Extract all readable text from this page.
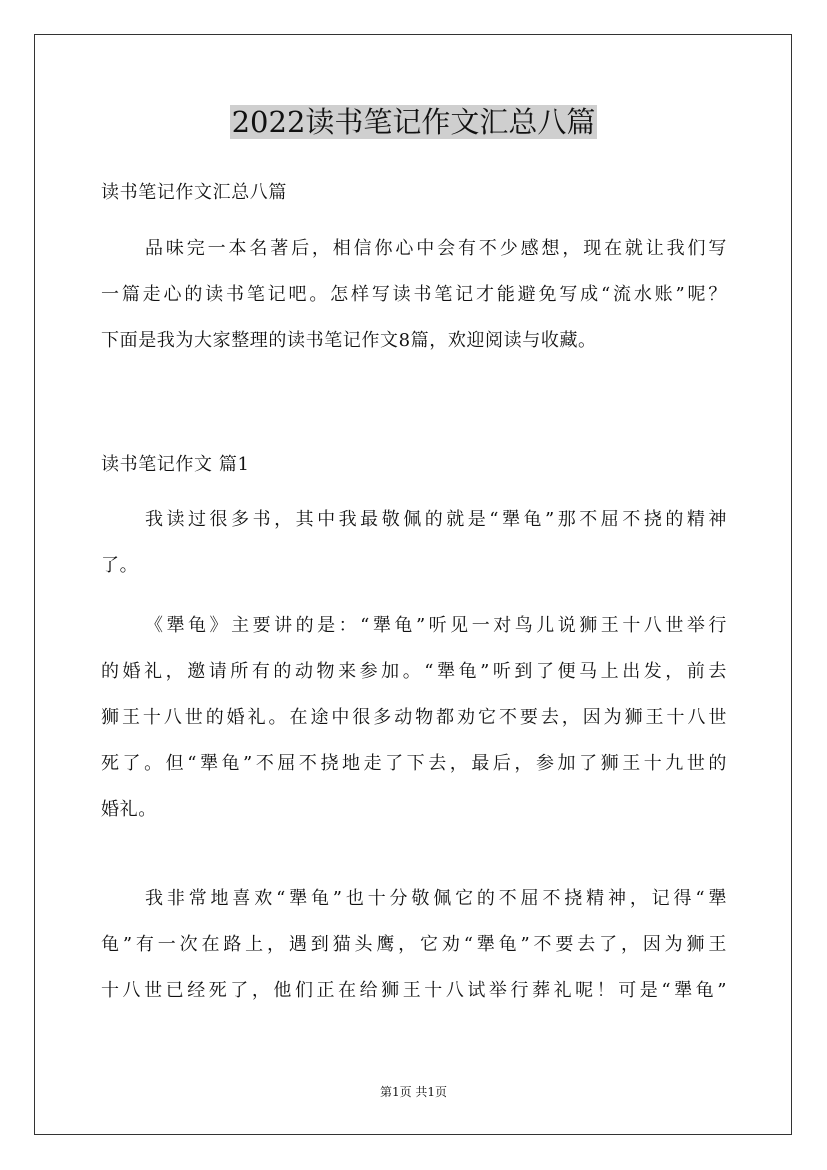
2022读书笔记作文汇总八篇
读书笔记作文汇总八篇
品味完一本名著后，相信你心中会有不少感想，现在就让我们写
一篇走心的读书笔记吧。怎样写读书笔记才能避免写成“流水账”呢？
下面是我为大家整理的读书笔记作文8篇，欢迎阅读与收藏。
读书笔记作文 篇1
我读过很多书，其中我最敬佩的就是“犟龟”那不屈不挠的精神
了。
《犟龟》主要讲的是：“犟龟”听见一对鸟儿说狮王十八世举行
的婚礼，邀请所有的动物来参加。“犟龟”听到了便马上出发，前去
狮王十八世的婚礼。在途中很多动物都劝它不要去，因为狮王十八世
死了。但“犟龟”不屈不挠地走了下去，最后，参加了狮王十九世的
婚礼。
我非常地喜欢“犟龟”也十分敬佩它的不屈不挠精神，记得“犟
龟”有一次在路上，遇到猫头鹰，它劝“犟龟”不要去了，因为狮王
十八世已经死了，他们正在给狮王十八试举行葬礼呢！可是“犟龟”
第1页 共1页
